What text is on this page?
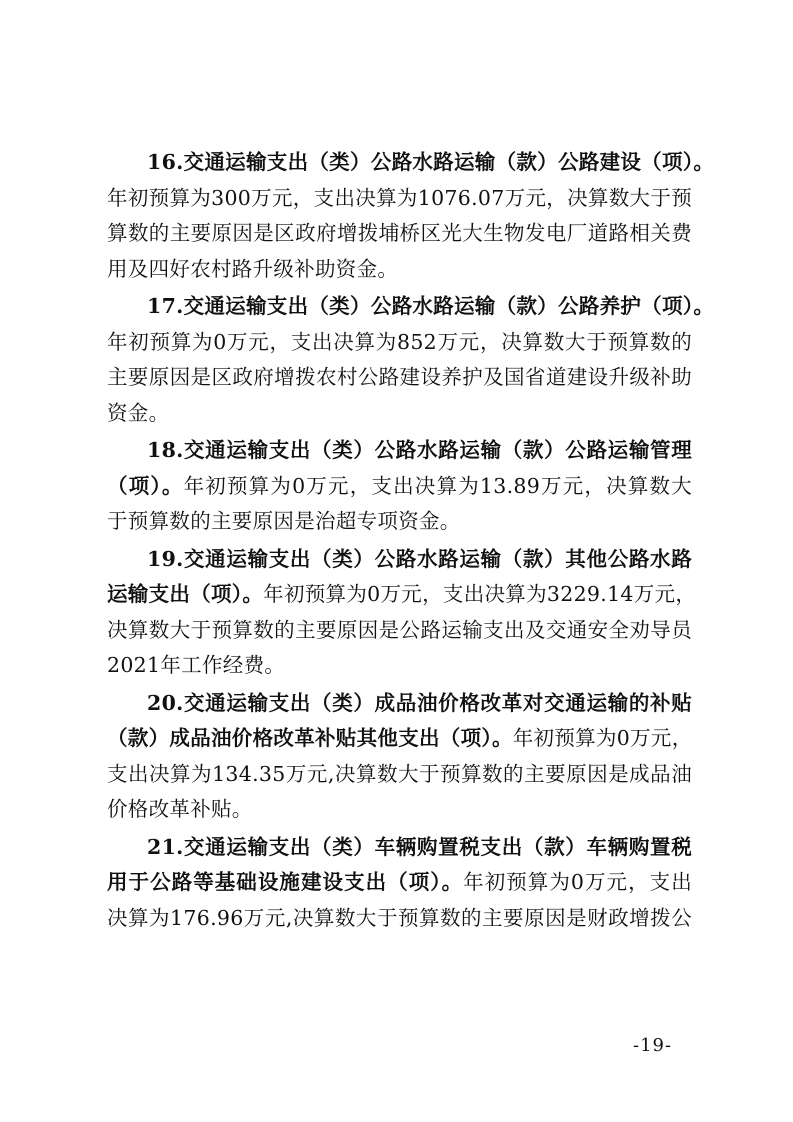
16.交通运输支出（类）公路水路运输（款）公路建设（项）。
年初预算为300万元，支出决算为1076.07万元，决算数大于预
算数的主要原因是区政府增拨埔桥区光大生物发电厂道路相关费
用及四好农村路升级补助资金。
17.交通运输支出（类）公路水路运输（款）公路养护（项）。
年初预算为0万元，支出决算为852万元，决算数大于预算数的
主要原因是区政府增拨农村公路建设养护及国省道建设升级补助
资金。
18.交通运输支出（类）公路水路运输（款）公路运输管理
（项）。年初预算为0万元，支出决算为13.89万元，决算数大
于预算数的主要原因是治超专项资金。
19.交通运输支出（类）公路水路运输（款）其他公路水路
运输支出（项）。年初预算为0万元，支出决算为3229.14万元，
决算数大于预算数的主要原因是公路运输支出及交通安全劝导员
2021年工作经费。
20.交通运输支出（类）成品油价格改革对交通运输的补贴
（款）成品油价格改革补贴其他支出（项）。年初预算为0万元，
支出决算为134.35万元,决算数大于预算数的主要原因是成品油
价格改革补贴。
21.交通运输支出（类）车辆购置税支出（款）车辆购置税
用于公路等基础设施建设支出（项）。年初预算为0万元，支出
决算为176.96万元,决算数大于预算数的主要原因是财政增拨公
-19-
